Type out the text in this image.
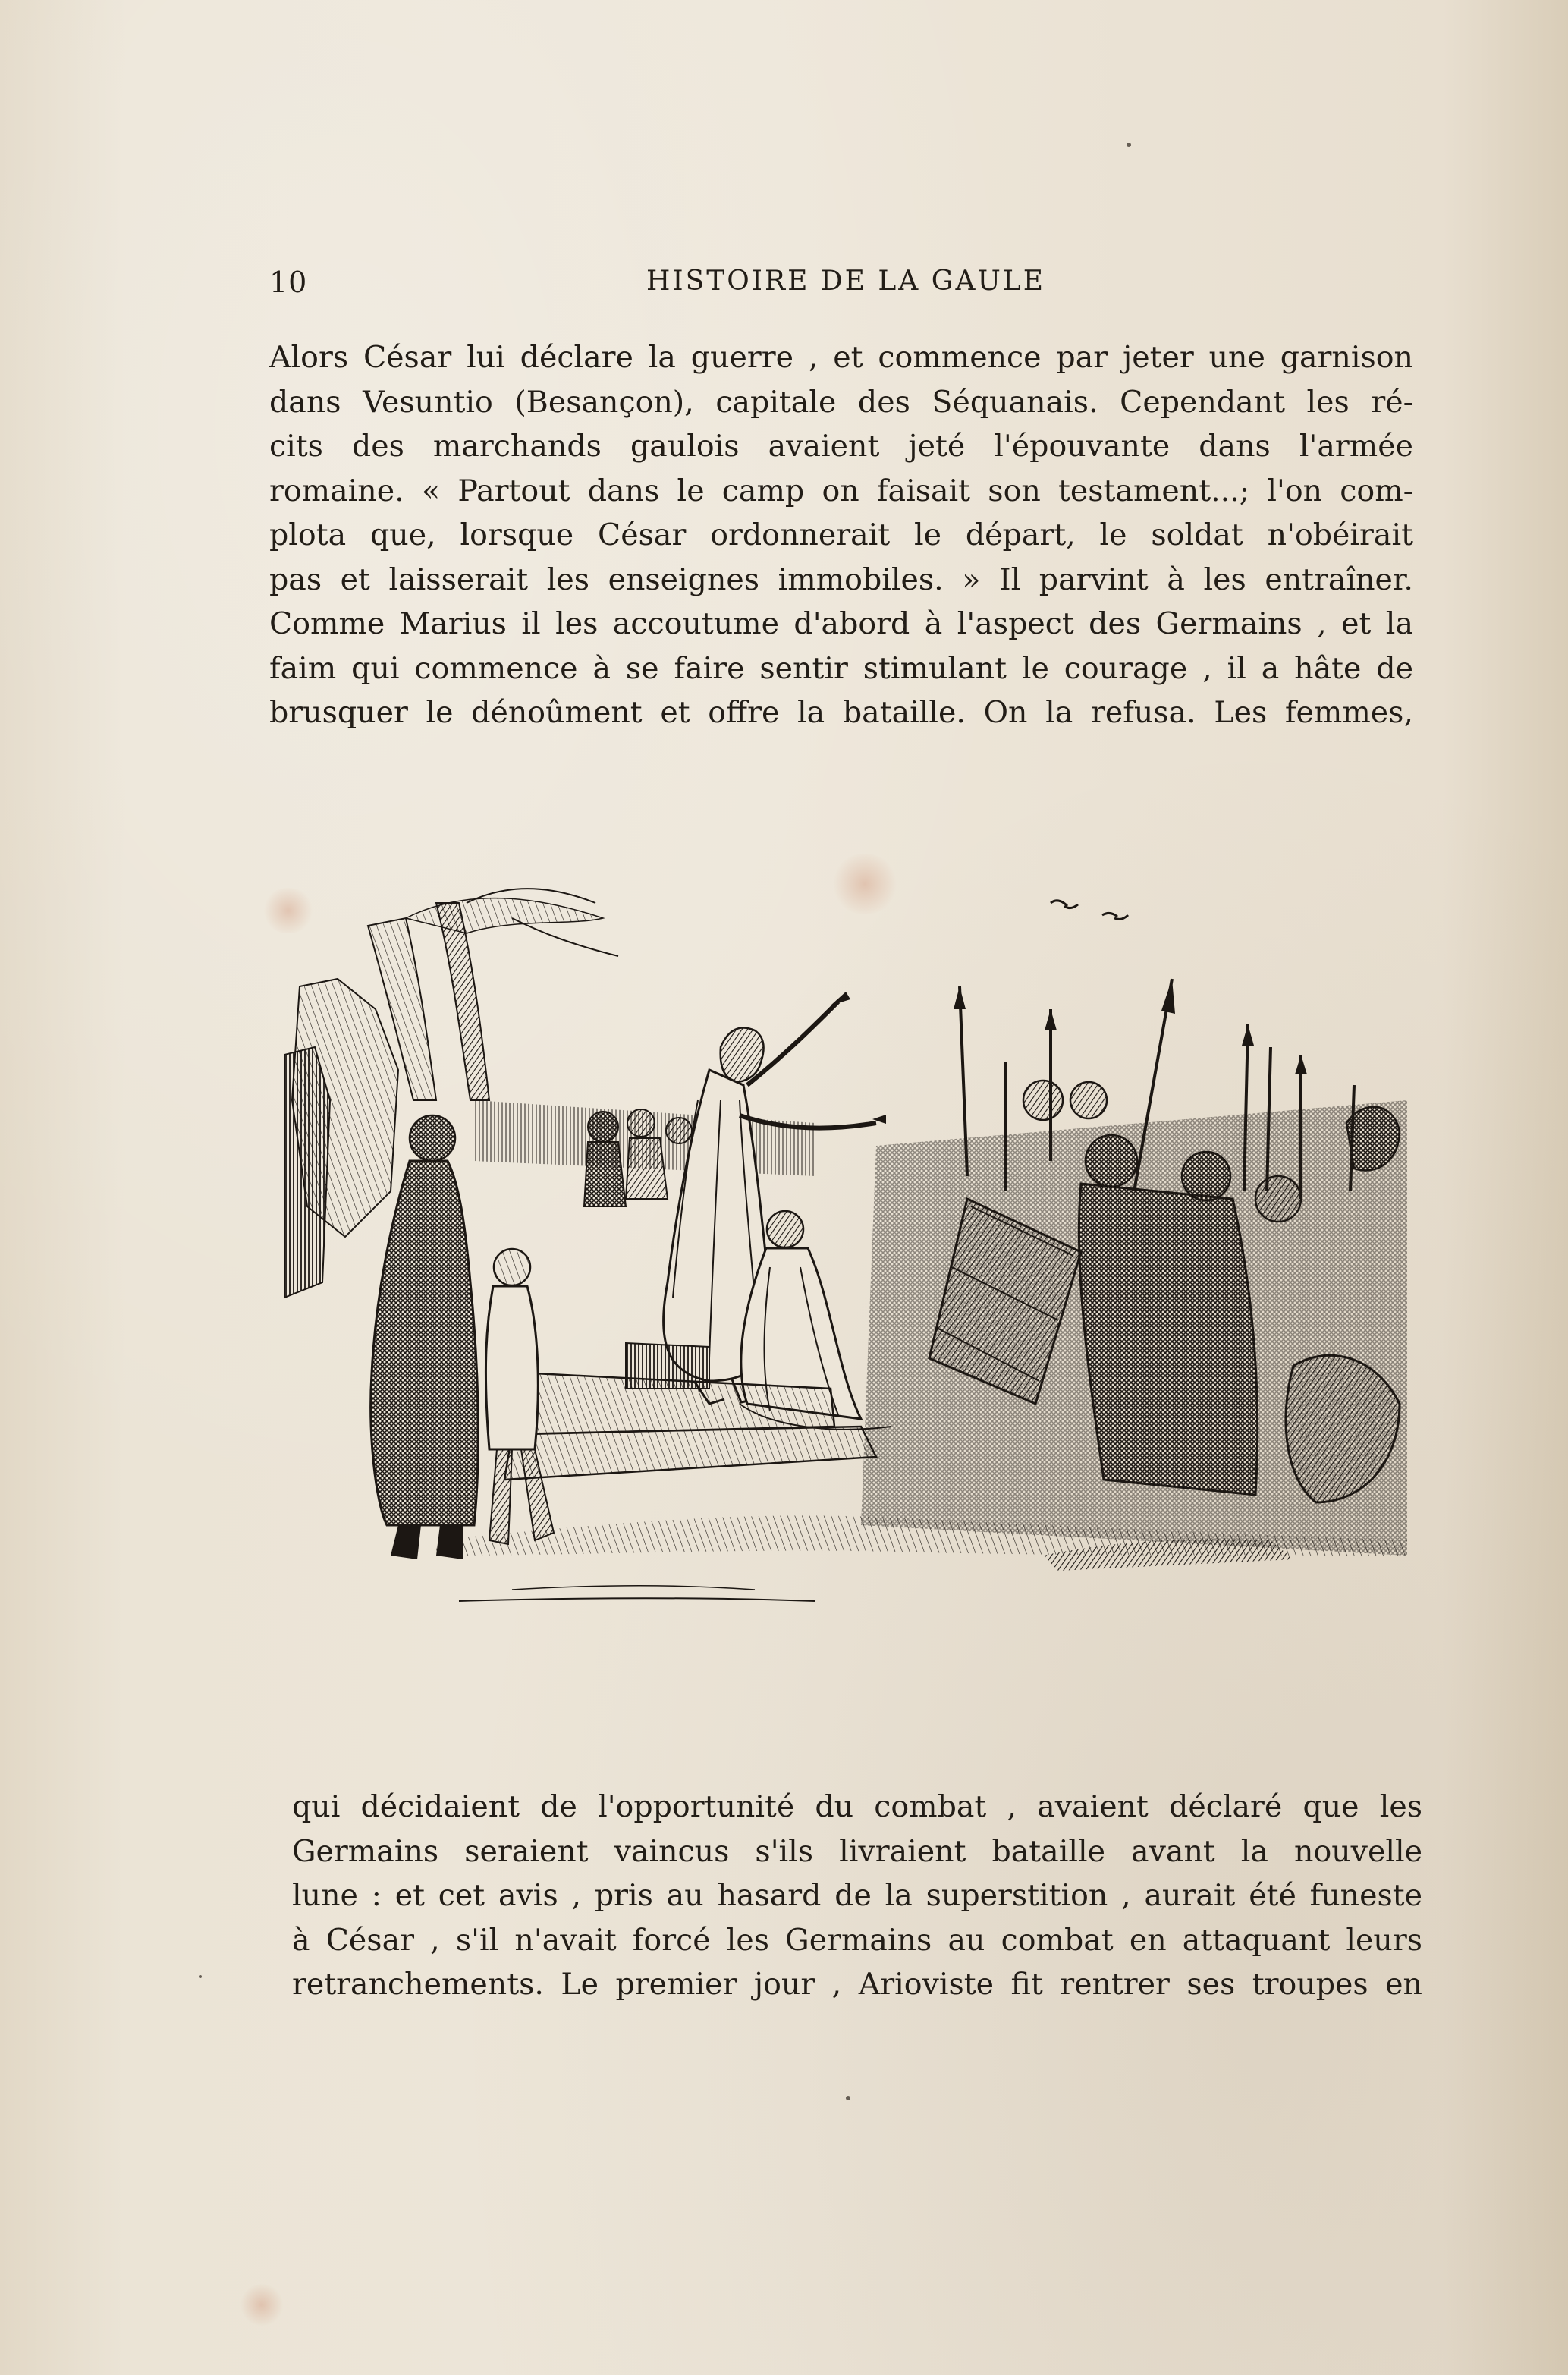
10	HISTOIRE DE LA GAULE

Alors César lui déclare la guerre , et commence par jeter une garnison

dans Vesuntio (Besançon), capitale des Séquanais. Cependant les ré-

cits des marchands gaulois avaient jeté l'épouvante dans l'armée

romaine. « Partout dans le camp on faisait son testament...; l'on com-

plota que, lorsque César ordonnerait le départ, le soldat n'obéirait

pas et laisserait les enseignes immobiles. » Il parvint à les entraîner.

Comme Marius il les accoutume d'abord à l'aspect des Germains , et la

faim qui commence à se faire sentir stimulant le courage , il a hâte de

brusquer le dénoûment et offre la bataille. On la refusa. Les femmes,

qui décidaient de l'opportunité du combat , avaient déclaré que les

Germains seraient vaincus s'ils livraient bataille avant la nouvelle

lune : et cet avis , pris au hasard de la superstition , aurait été funeste

à César , s'il n'avait forcé les Germains au combat en attaquant leurs

retranchements. Le premier jour , Arioviste fit rentrer ses troupes en
